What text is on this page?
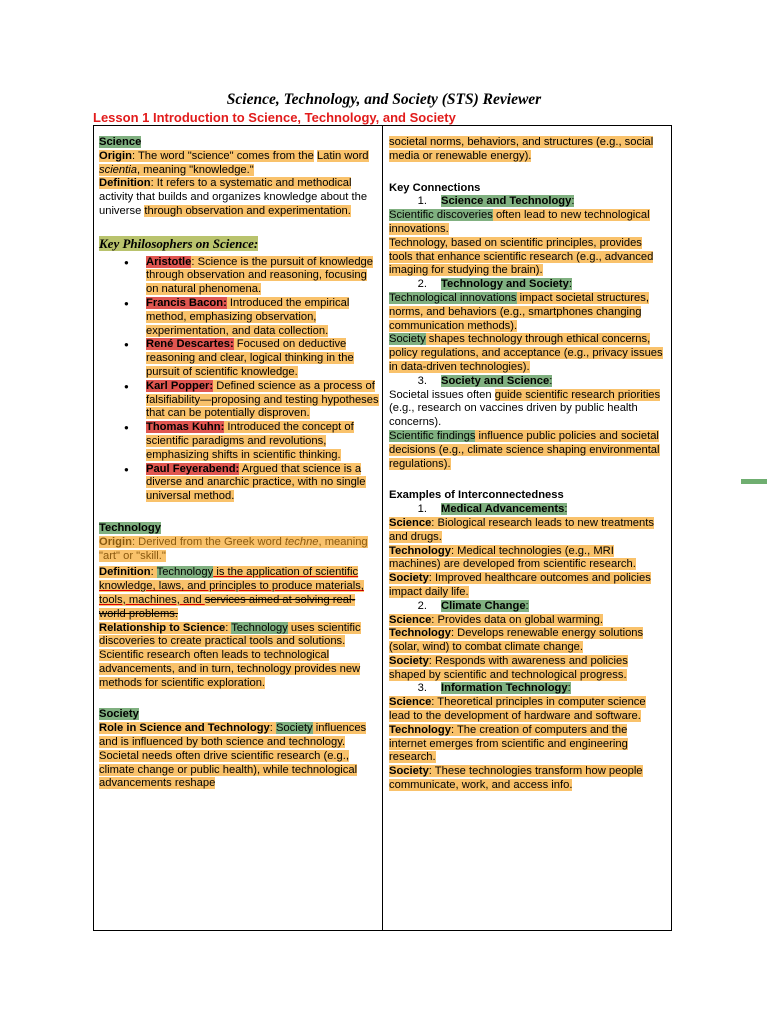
Science, Technology, and Society (STS) Reviewer
Lesson 1 Introduction to Science, Technology, and Society

Science

Origin: The word "science" comes from the Latin word scientia, meaning "knowledge."

Definition: It refers to a systematic and methodical activity that builds and organizes knowledge about the universe through observation and experimentation.

Key Philosophers on Science:

● Aristotle: Science is the pursuit of knowledge through observation and reasoning, focusing on natural phenomena.
● Francis Bacon: Introduced the empirical method, emphasizing observation, experimentation, and data collection.
● René Descartes: Focused on deductive reasoning and clear, logical thinking in the pursuit of scientific knowledge.
● Karl Popper: Defined science as a process of falsifiability—proposing and testing hypotheses that can be potentially disproven.
● Thomas Kuhn: Introduced the concept of scientific paradigms and revolutions, emphasizing shifts in scientific thinking.
● Paul Feyerabend: Argued that science is a diverse and anarchic practice, with no single universal method.

Technology

Origin: Derived from the Greek word techne, meaning "art" or "skill."

Definition: Technology is the application of scientific knowledge, laws, and principles to produce materials, tools, machines, and services aimed at solving real-world problems.

Relationship to Science: Technology uses scientific discoveries to create practical tools and solutions. Scientific research often leads to technological advancements, and in turn, technology provides new methods for scientific exploration.

Society

Role in Science and Technology: Society influences and is influenced by both science and technology. Societal needs often drive scientific research (e.g., climate change or public health), while technological advancements reshape

societal norms, behaviors, and structures (e.g., social media or renewable energy).

Key Connections

1. Science and Technology:

Scientific discoveries often lead to new technological innovations.

Technology, based on scientific principles, provides tools that enhance scientific research (e.g., advanced imaging for studying the brain).

2. Technology and Society:

Technological innovations impact societal structures, norms, and behaviors (e.g., smartphones changing communication methods).

Society shapes technology through ethical concerns, policy regulations, and acceptance (e.g., privacy issues in data-driven technologies).

3. Society and Science:

Societal issues often guide scientific research priorities (e.g., research on vaccines driven by public health concerns).

Scientific findings influence public policies and societal decisions (e.g., climate science shaping environmental regulations).

Examples of Interconnectedness

1. Medical Advancements:

Science: Biological research leads to new treatments and drugs.

Technology: Medical technologies (e.g., MRI machines) are developed from scientific research.

Society: Improved healthcare outcomes and policies impact daily life.

2. Climate Change:

Science: Provides data on global warming.

Technology: Develops renewable energy solutions (solar, wind) to combat climate change.

Society: Responds with awareness and policies shaped by scientific and technological progress.

3. Information Technology:

Science: Theoretical principles in computer science lead to the development of hardware and software.

Technology: The creation of computers and the internet emerges from scientific and engineering research.

Society: These technologies transform how people communicate, work, and access info.
